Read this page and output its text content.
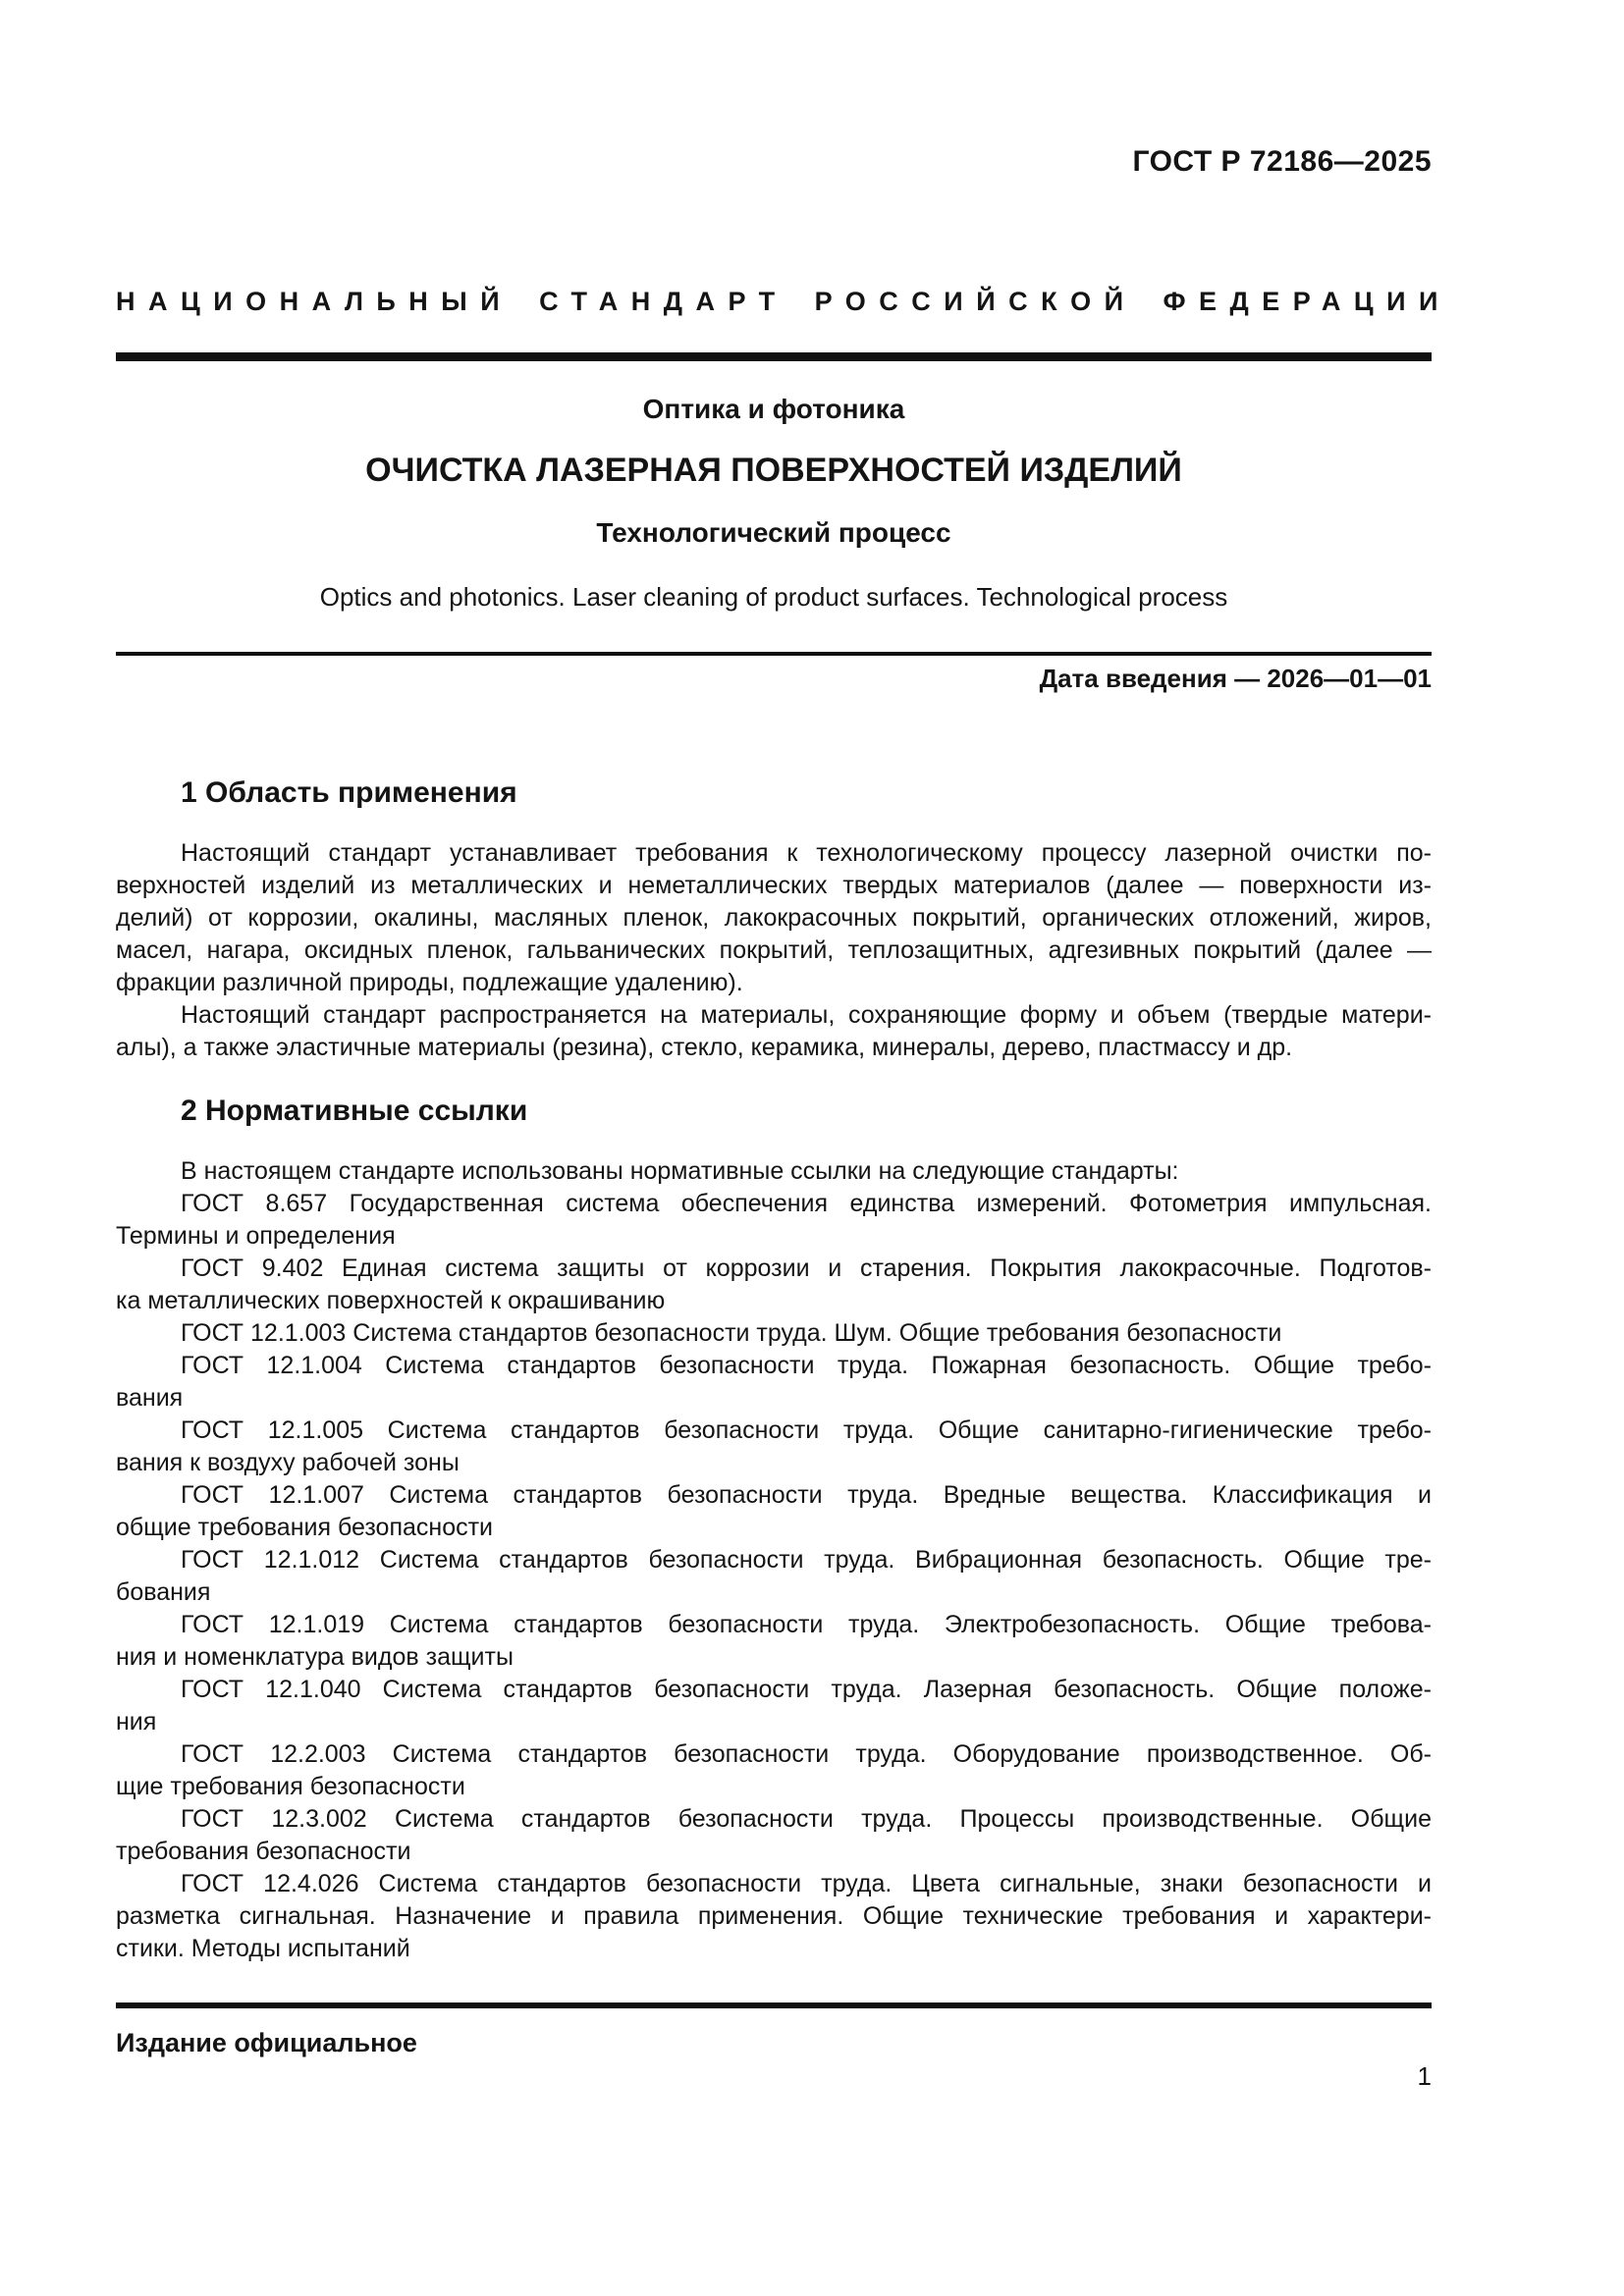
ГОСТ Р 72186—2025
НАЦИОНАЛЬНЫЙ СТАНДАРТ РОССИЙСКОЙ ФЕДЕРАЦИИ
Оптика и фотоника
ОЧИСТКА ЛАЗЕРНАЯ ПОВЕРХНОСТЕЙ ИЗДЕЛИЙ
Технологический процесс
Optics and photonics. Laser cleaning of product surfaces. Technological process
Дата введения — 2026—01—01
1 Область применения
Настоящий стандарт устанавливает требования к технологическому процессу лазерной очистки по-
верхностей изделий из металлических и неметаллических твердых материалов (далее — поверхности из-
делий) от коррозии, окалины, масляных пленок, лакокрасочных покрытий, органических отложений, жиров,
масел, нагара, оксидных пленок, гальванических покрытий, теплозащитных, адгезивных покрытий (далее —
фракции различной природы, подлежащие удалению).
Настоящий стандарт распространяется на материалы, сохраняющие форму и объем (твердые матери-
алы), а также эластичные материалы (резина), стекло, керамика, минералы, дерево, пластмассу и др.
2 Нормативные ссылки
В настоящем стандарте использованы нормативные ссылки на следующие стандарты:
ГОСТ 8.657 Государственная система обеспечения единства измерений. Фотометрия импульсная.
Термины и определения
ГОСТ 9.402 Единая система защиты от коррозии и старения. Покрытия лакокрасочные. Подготов-
ка металлических поверхностей к окрашиванию
ГОСТ 12.1.003 Система стандартов безопасности труда. Шум. Общие требования безопасности
ГОСТ 12.1.004 Система стандартов безопасности труда. Пожарная безопасность. Общие требо-
вания
ГОСТ 12.1.005 Система стандартов безопасности труда. Общие санитарно-гигиенические требо-
вания к воздуху рабочей зоны
ГОСТ 12.1.007 Система стандартов безопасности труда. Вредные вещества. Классификация и
общие требования безопасности
ГОСТ 12.1.012 Система стандартов безопасности труда. Вибрационная безопасность. Общие тре-
бования
ГОСТ 12.1.019 Система стандартов безопасности труда. Электробезопасность. Общие требова-
ния и номенклатура видов защиты
ГОСТ 12.1.040 Система стандартов безопасности труда. Лазерная безопасность. Общие положе-
ния
ГОСТ 12.2.003 Система стандартов безопасности труда. Оборудование производственное. Об-
щие требования безопасности
ГОСТ 12.3.002 Система стандартов безопасности труда. Процессы производственные. Общие
требования безопасности
ГОСТ 12.4.026 Система стандартов безопасности труда. Цвета сигнальные, знаки безопасности и
разметка сигнальная. Назначение и правила применения. Общие технические требования и характери-
стики. Методы испытаний
Издание официальное
1
